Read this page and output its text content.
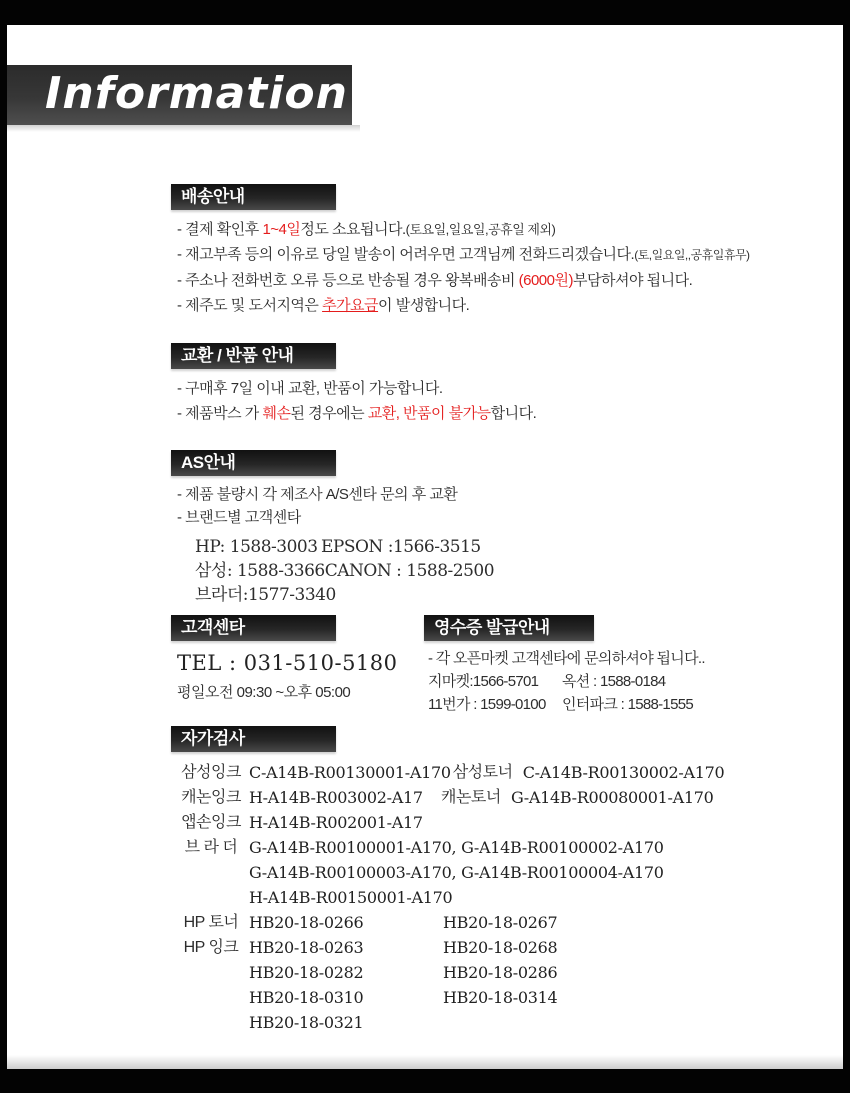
Information
배송안내
- 결제 확인후 1~4일정도 소요됩니다.(토요일,일요일,공휴일 제외)
- 재고부족 등의 이유로 당일 발송이 어려우면 고객님께 전화드리겠습니다.(토,일요일,,공휴일휴무)
- 주소나 전화번호 오류 등으로 반송될 경우 왕복배송비 (6000원)부담하셔야 됩니다.
- 제주도 및 도서지역은 추가요금이 발생합니다.
교환 / 반품 안내
- 구매후 7일 이내 교환, 반품이 가능합니다.
- 제품박스 가 훼손된 경우에는 교환, 반품이 불가능합니다.
AS안내
- 제품 불량시 각 제조사 A/S센타 문의 후 교환
- 브랜드별 고객센타
HP: 1588-3003 EPSON :1566-3515
삼성: 1588-3366CANON : 1588-2500
브라더:1577-3340
고객센타
TEL : 031-510-5180
평일오전 09:30 ~오후 05:00
영수증 발급안내
- 각 오픈마켓 고객센타에 문의하셔야 됩니다..
지마켓:1566-5701 옥션 : 1588-0184
11번가 : 1599-0100 인터파크 : 1588-1555
자가검사
삼성잉크 C-A14B-R00130001-A170 삼성토너 C-A14B-R00130002-A170
캐논잉크 H-A14B-R003002-A17	캐논토너 G-A14B-R00080001-A170
앱손잉크 H-A14B-R002001-A17
브 라 더 G-A14B-R00100001-A170, G-A14B-R00100002-A170
G-A14B-R00100003-A170, G-A14B-R00100004-A170
H-A14B-R00150001-A170
HP 토너 HB20-18-0266	HB20-18-0267
HP 잉크 HB20-18-0263	HB20-18-0268
HB20-18-0282	HB20-18-0286
HB20-18-0310	HB20-18-0314
HB20-18-0321
